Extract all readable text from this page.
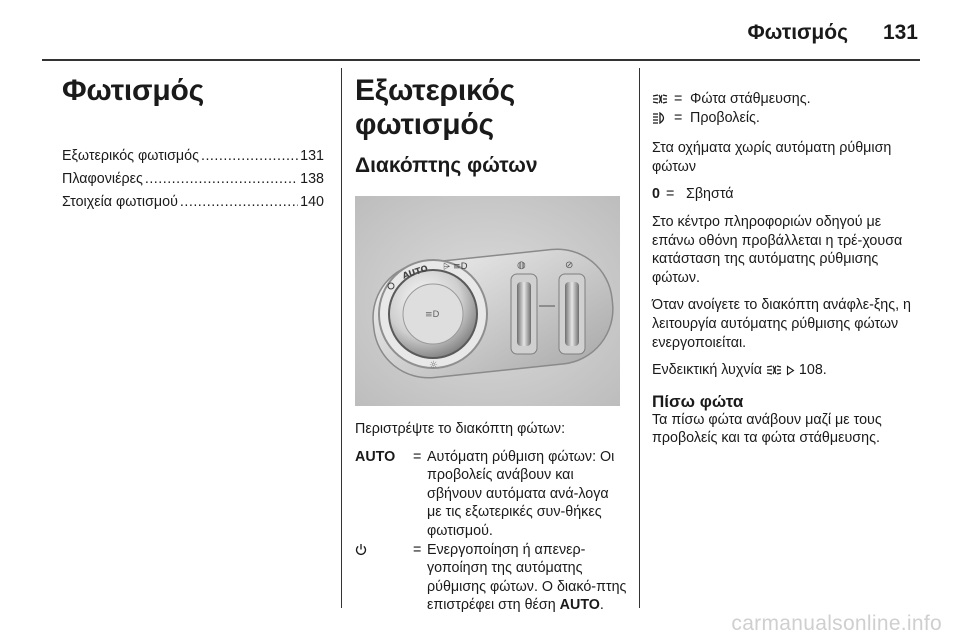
Φωτισμός 131
Φωτισμός
Εξωτερικός φωτισμός .....	131
Πλαφονιέρες .....	138
Στοιχεία φωτισμού .....	140
Εξωτερικός φωτισμός
Διακόπτης φώτων
≡D
AUTO ⩥ ≡D
☼
◍	⊘

Περιστρέψτε το διακόπτη φώτων:

AUTO	= Αυτόματη ρύθμιση φώτων: Οι προβολείς ανάβουν και σβήνουν αυτόματα ανά-λογα με τις εξωτερικές συν-θήκες φωτισμού.
= Ενεργοποίηση ή απενερ-γοποίηση της αυτόματης ρύθμισης φώτων. Ο διακό-πτης επιστρέφει στη θέση AUTO.
= Φώτα στάθμευσης.
= Προβολείς.

Στα οχήματα χωρίς αυτόματη ρύθμιση φώτων

0 = Σβηστά

Στο κέντρο πληροφοριών οδηγού με επάνω οθόνη προβάλλεται η τρέ-χουσα κατάσταση της αυτόματης ρύθμισης φώτων.

Όταν ανοίγετε το διακόπτη ανάφλε-ξης, η λειτουργία αυτόματης ρύθμισης φώτων ενεργοποιείται.

Ενδεικτική λυχνία	108.

Πίσω φώτα

Τα πίσω φώτα ανάβουν μαζί με τους προβολείς και τα φώτα στάθμευσης.

carmanualsonline.info
